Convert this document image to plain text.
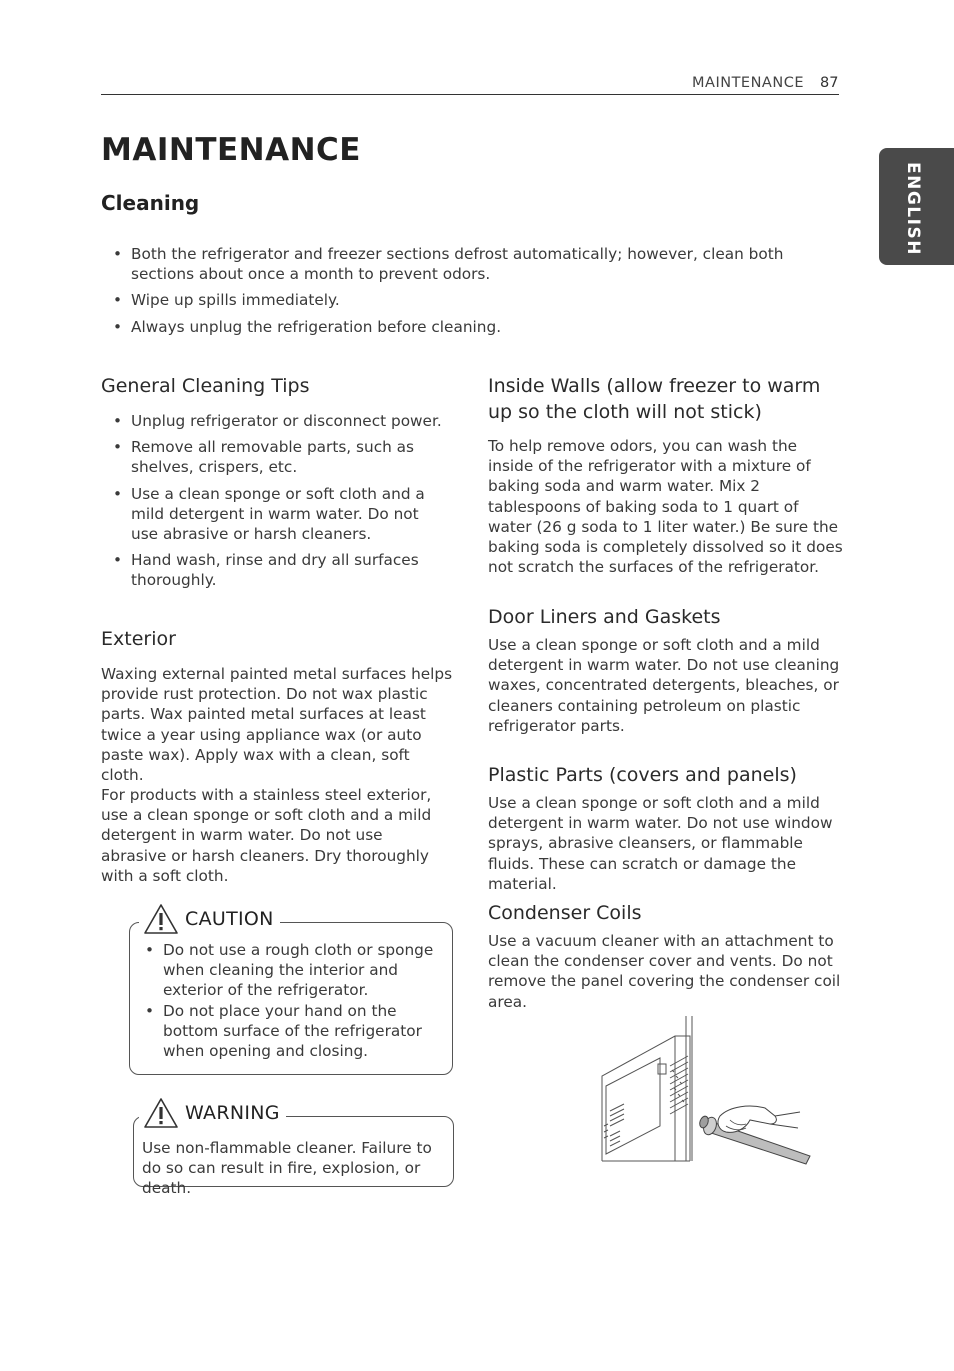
MAINTENANCE 87
ENGLISH
MAINTENANCE
Cleaning
• Both the refrigerator and freezer sections defrost automatically; however, clean both sections about once a month to prevent odors.
• Wipe up spills immediately.
• Always unplug the refrigeration before cleaning.
General Cleaning Tips
• Unplug refrigerator or disconnect power.
• Remove all removable parts, such as shelves, crispers, etc.
• Use a clean sponge or soft cloth and a mild detergent in warm water. Do not use abrasive or harsh cleaners.
• Hand wash, rinse and dry all surfaces thoroughly.
Exterior

Waxing external painted metal surfaces helps provide rust protection. Do not wax plastic parts. Wax painted metal surfaces at least twice a year using appliance wax (or auto paste wax). Apply wax with a clean, soft cloth.

For products with a stainless steel exterior, use a clean sponge or soft cloth and a mild detergent in warm water. Do not use abrasive or harsh cleaners. Dry thoroughly with a soft cloth.

• Do not use a rough cloth or sponge when cleaning the interior and exterior of the refrigerator.
• Do not place your hand on the bottom surface of the refrigerator when opening and closing.
CAUTION

Use non-flammable cleaner. Failure to do so can result in fire, explosion, or death.

WARNING
Inside Walls (allow freezer to warm up so the cloth will not stick)

To help remove odors, you can wash the inside of the refrigerator with a mixture of baking soda and warm water. Mix 2 tablespoons of baking soda to 1 quart of water (26 g soda to 1 liter water.) Be sure the baking soda is completely dissolved so it does not scratch the surfaces of the refrigerator.

Door Liners and Gaskets

Use a clean sponge or soft cloth and a mild detergent in warm water. Do not use cleaning waxes, concentrated detergents, bleaches, or cleaners containing petroleum on plastic refrigerator parts.

Plastic Parts (covers and panels)

Use a clean sponge or soft cloth and a mild detergent in warm water. Do not use window sprays, abrasive cleansers, or flammable fluids. These can scratch or damage the material.

Condenser Coils

Use a vacuum cleaner with an attachment to clean the condenser cover and vents. Do not remove the panel covering the condenser coil area.
